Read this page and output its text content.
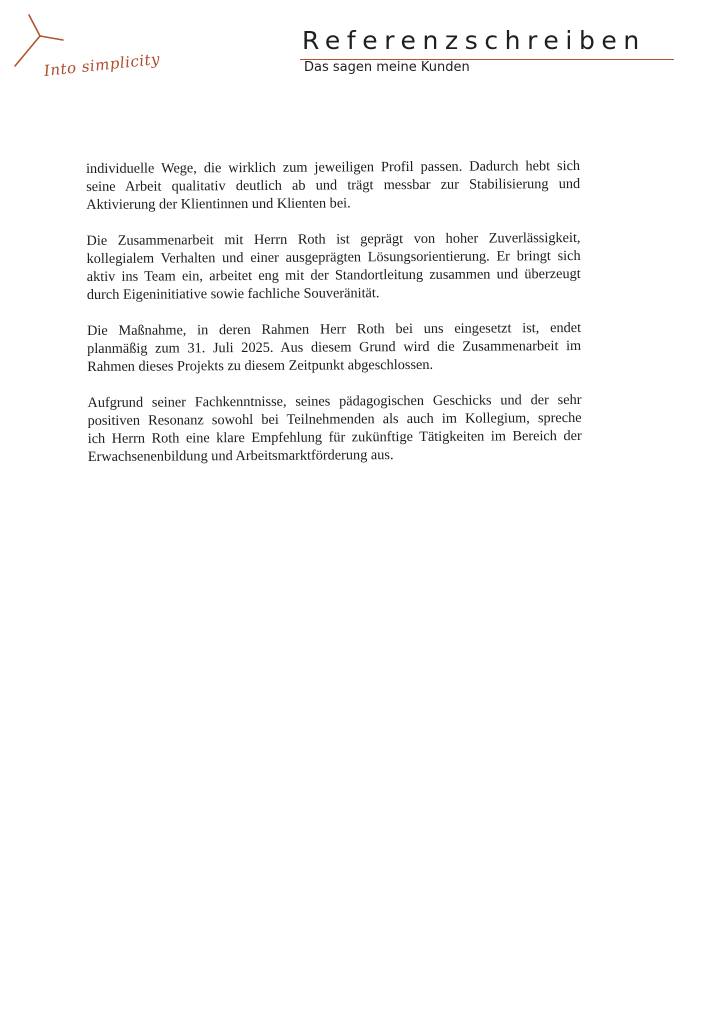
Into simplicity
Referenzschreiben
Das sagen meine Kunden

individuelle Wege, die wirklich zum jeweiligen Profil passen. Dadurch hebt sich
seine Arbeit qualitativ deutlich ab und trägt messbar zur Stabilisierung und
Aktivierung der Klientinnen und Klienten bei.

Die Zusammenarbeit mit Herrn Roth ist geprägt von hoher Zuverlässigkeit,
kollegialem Verhalten und einer ausgeprägten Lösungsorientierung. Er bringt sich
aktiv ins Team ein, arbeitet eng mit der Standortleitung zusammen und überzeugt
durch Eigeninitiative sowie fachliche Souveränität.

Die Maßnahme, in deren Rahmen Herr Roth bei uns eingesetzt ist, endet
planmäßig zum 31. Juli 2025. Aus diesem Grund wird die Zusammenarbeit im
Rahmen dieses Projekts zu diesem Zeitpunkt abgeschlossen.

Aufgrund seiner Fachkenntnisse, seines pädagogischen Geschicks und der sehr
positiven Resonanz sowohl bei Teilnehmenden als auch im Kollegium, spreche
ich Herrn Roth eine klare Empfehlung für zukünftige Tätigkeiten im Bereich der
Erwachsenenbildung und Arbeitsmarktförderung aus.
